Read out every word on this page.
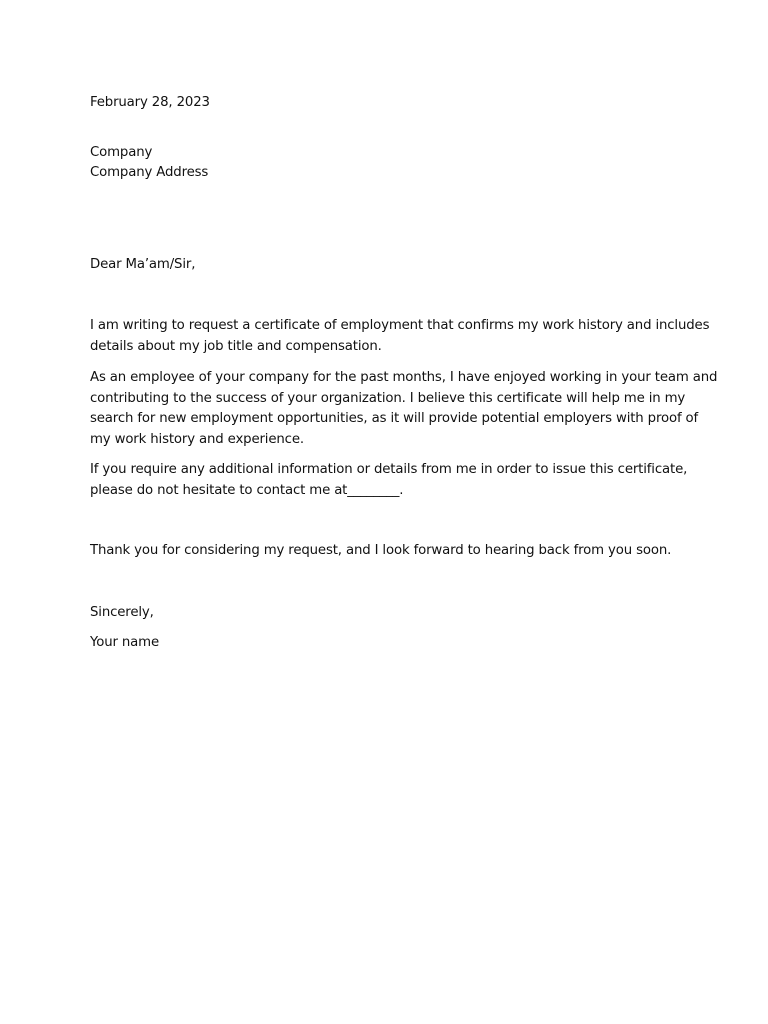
February 28, 2023
Company
Company Address
Dear Ma’am/Sir,
I am writing to request a certificate of employment that confirms my work history and includes
details about my job title and compensation.
As an employee of your company for the past months, I have enjoyed working in your team and
contributing to the success of your organization. I believe this certificate will help me in my
search for new employment opportunities, as it will provide potential employers with proof of
my work history and experience.
If you require any additional information or details from me in order to issue this certificate,
please do not hesitate to contact me at________.
Thank you for considering my request, and I look forward to hearing back from you soon.
Sincerely,
Your name
